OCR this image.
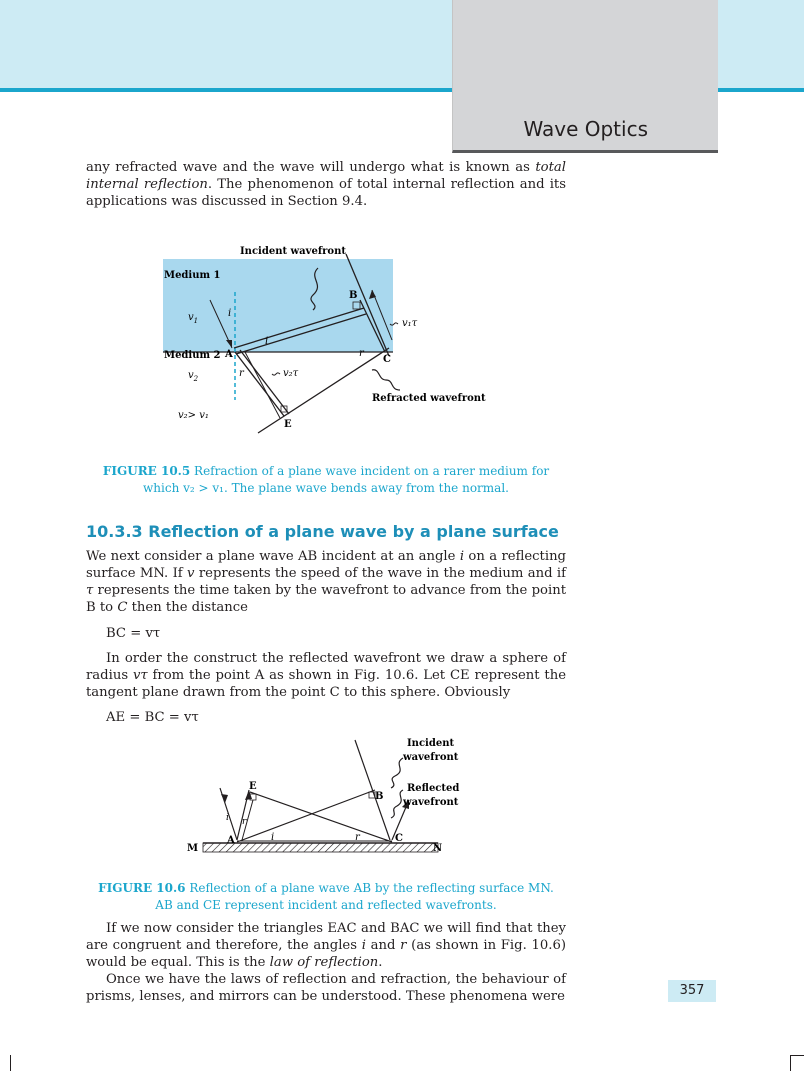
Wave Optics

any refracted wave and the wave will undergo what is known as total internal reflection. The phenomenon of total internal reflection and its applications was discussed in Section 9.4.

Incident wavefront
Medium 1
Medium 2
$v_1$
$v_2$
v₁τ
v₂τ
i
i
r
r
A
B
C
E
Refracted wavefront
v₂> v₁
FIGURE 10.5 Refraction of a plane wave incident on a rarer medium for
which v₂ > v₁. The plane wave bends away from the normal.
10.3.3 Reflection of a plane wave by a plane surface

We next consider a plane wave AB incident at an angle i on a reflecting surface MN. If v represents the speed of the wave in the medium and if τ represents the time taken by the wavefront to advance from the point B to C then the distance

BC = vτ

In order the construct the reflected wavefront we draw a sphere of radius vτ from the point A as shown in Fig. 10.6. Let CE represent the tangent plane drawn from the point C to this sphere. Obviously

AE = BC = vτ
Incident
wavefront
Reflected
wavefront
M	N
A
B
C
E
i	r
i r
FIGURE 10.6 Reflection of a plane wave AB by the reflecting surface MN.
AB and CE represent incident and reflected wavefronts.

If we now consider the triangles EAC and BAC we will find that they are congruent and therefore, the angles i and r (as shown in Fig. 10.6) would be equal. This is the law of reflection.

Once we have the laws of reflection and refraction, the behaviour of prisms, lenses, and mirrors can be understood. These phenomena were	357
